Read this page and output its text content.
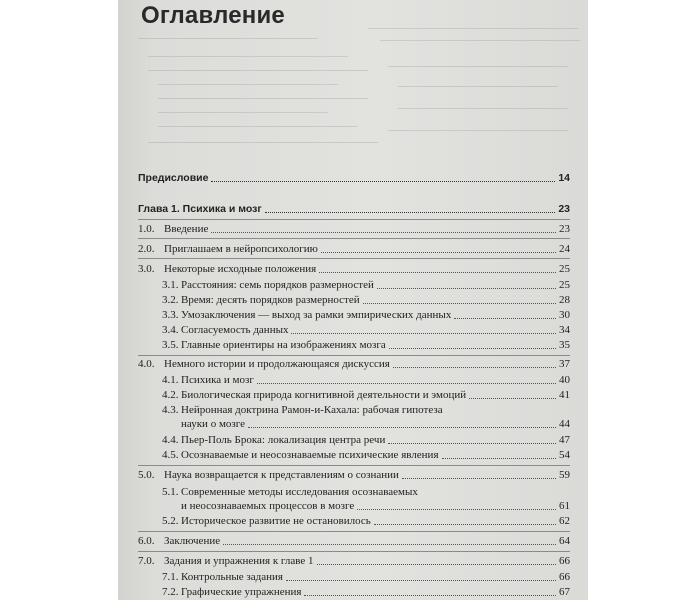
Оглавление
Предисловие	14
Глава 1. Психика и мозг	23
1.0. Введение	23
2.0. Приглашаем в нейропсихологию	24
3.0. Некоторые исходные положения	25
3.1. Расстояния: семь порядков размерностей	25
3.2. Время: десять порядков размерностей	28
3.3. Умозаключения — выход за рамки эмпирических данных	30
3.4. Согласуемость данных	34
3.5. Главные ориентиры на изображениях мозга	35
4.0. Немного истории и продолжающаяся дискуссия	37
4.1. Психика и мозг	40
4.2. Биологическая природа когнитивной деятельности и эмоций	41
4.3. Нейронная доктрина Рамон-и-Кахала: рабочая гипотеза
науки о мозге	44
4.4. Пьер-Поль Брока: локализация центра речи	47
4.5. Осознаваемые и неосознаваемые психические явления	54
5.0. Наука возвращается к представлениям о сознании	59
5.1. Современные методы исследования осознаваемых
и неосознаваемых процессов в мозге	61
5.2. Историческое развитие не остановилось	62
6.0. Заключение	64
7.0. Задания и упражнения к главе 1	66
7.1. Контрольные задания	66
7.2. Графические упражнения	67
